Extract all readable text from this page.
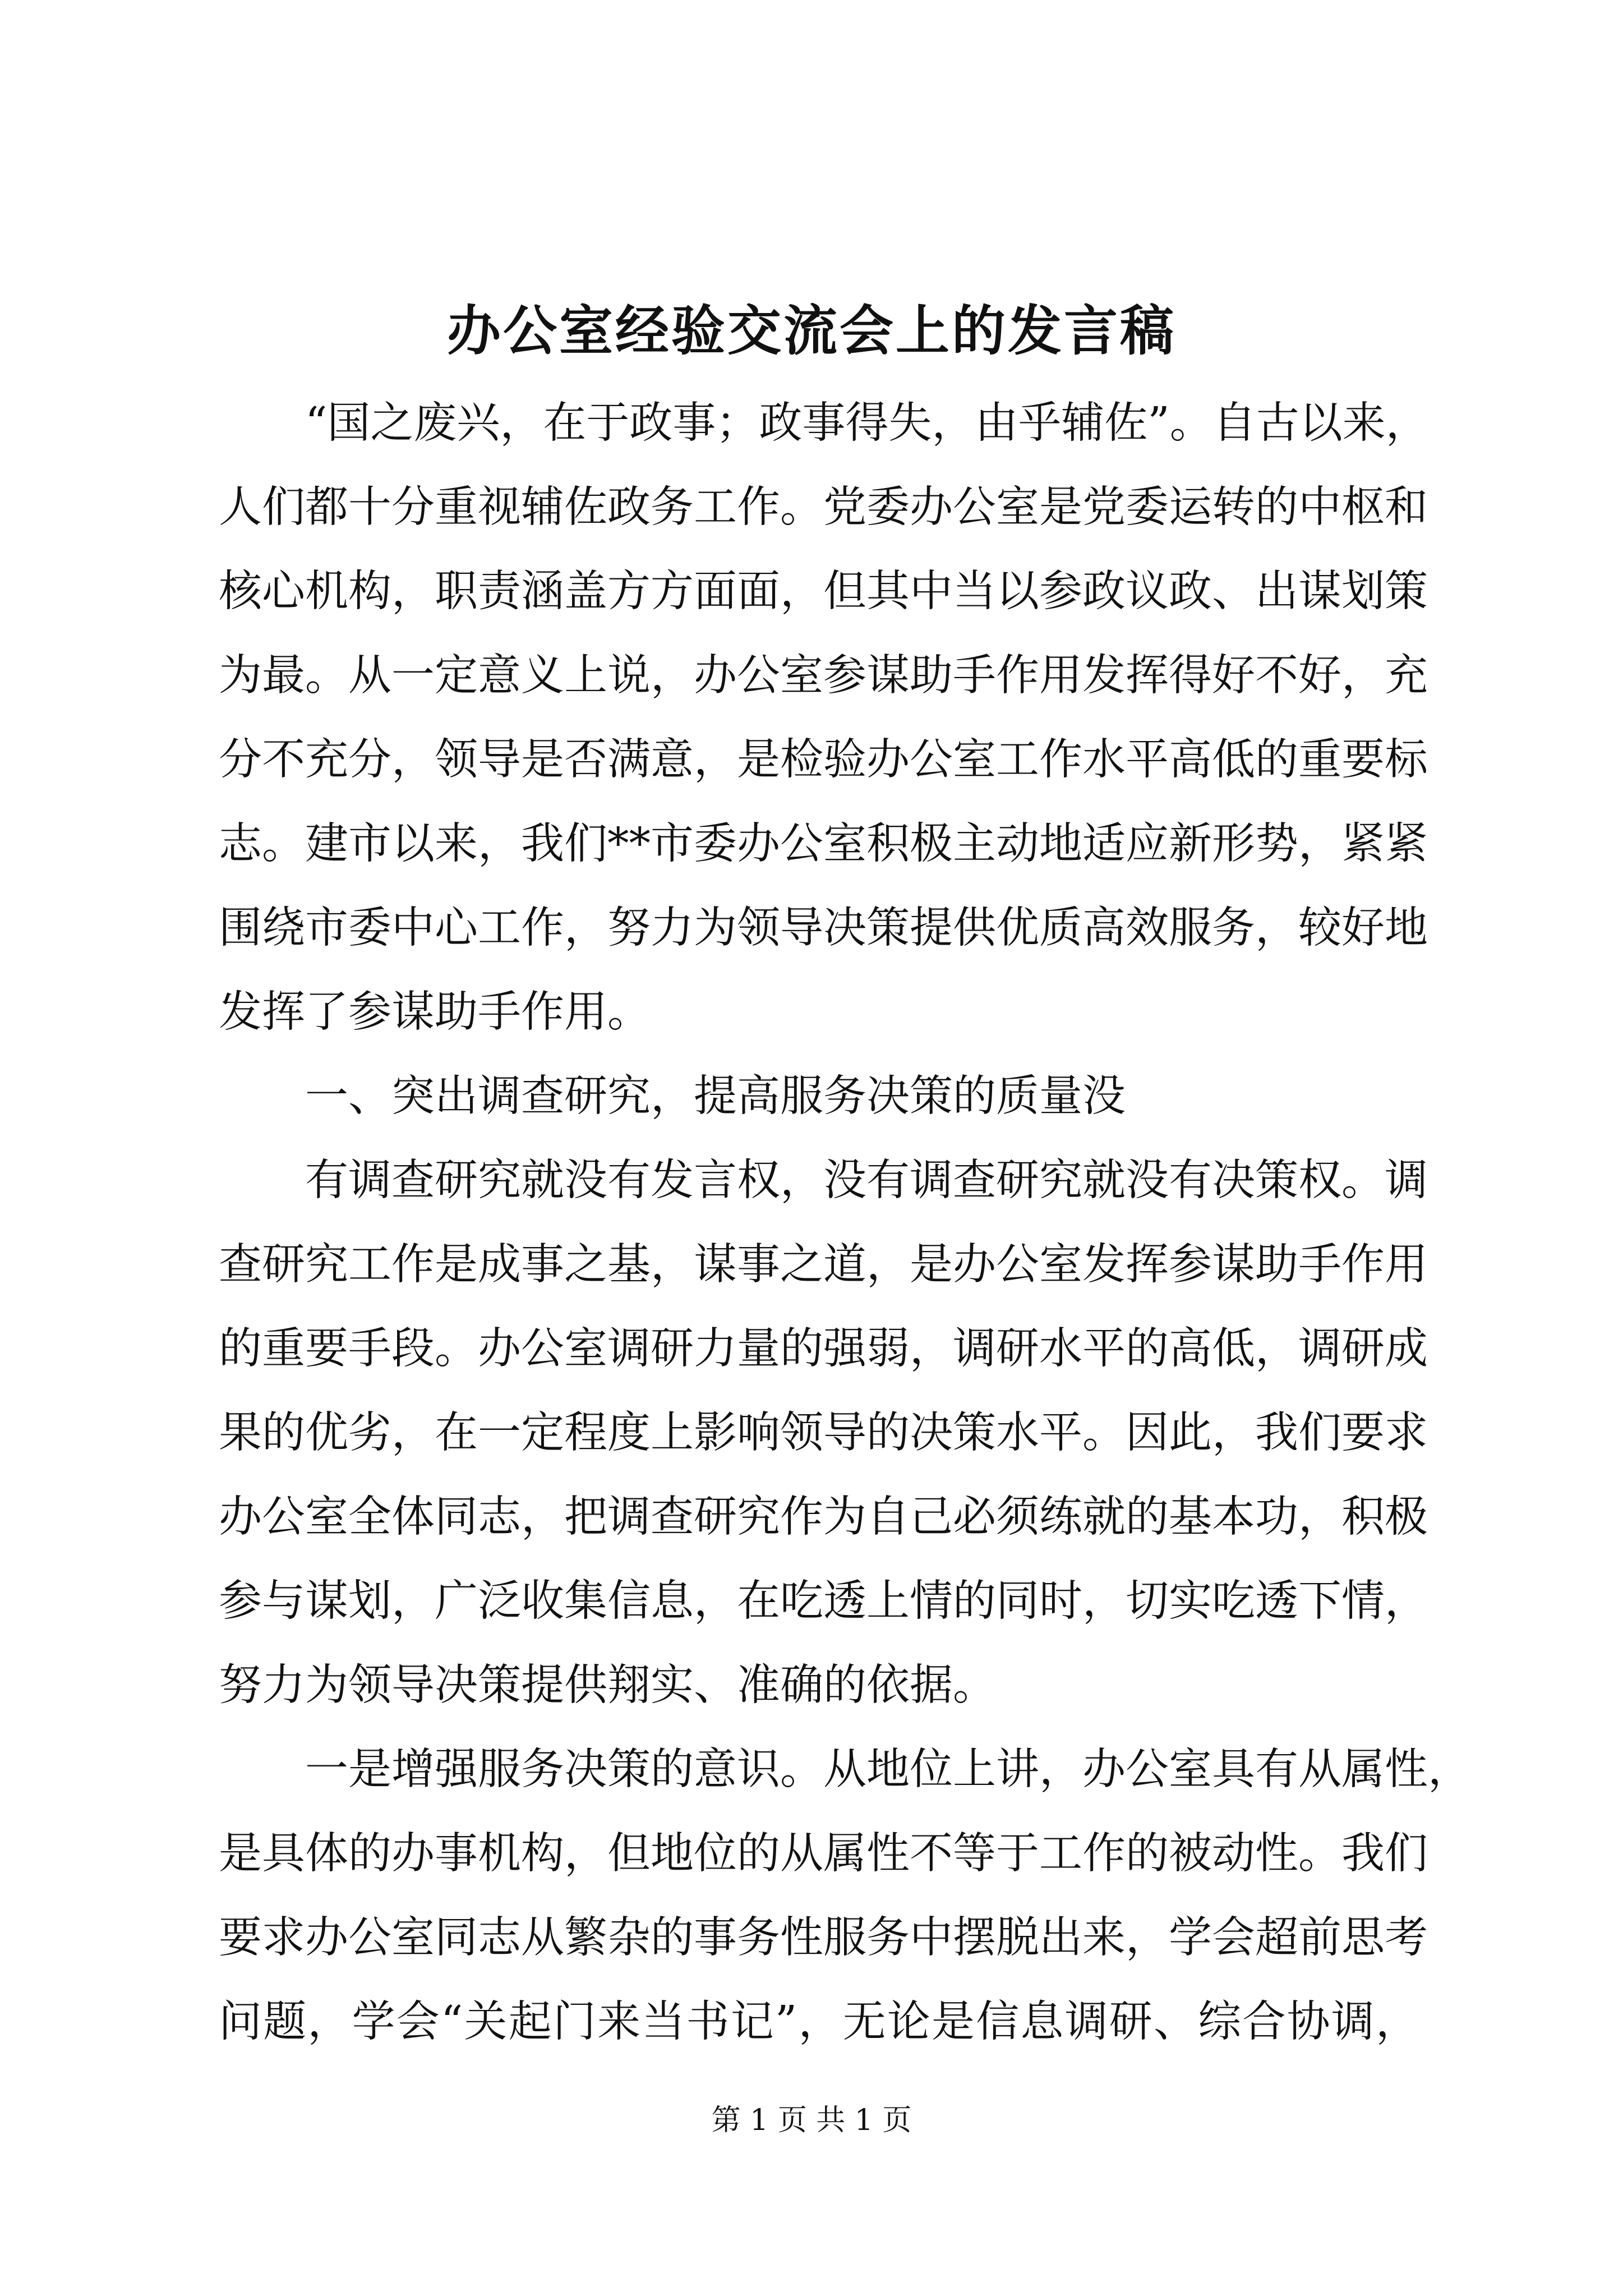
办公室经验交流会上的发言稿
“国之废兴，在于政事；政事得失，由乎辅佐”。自古以来，
人们都十分重视辅佐政务工作。党委办公室是党委运转的中枢和
核心机构，职责涵盖方方面面，但其中当以参政议政、出谋划策
为最。从一定意义上说，办公室参谋助手作用发挥得好不好，充
分不充分，领导是否满意，是检验办公室工作水平高低的重要标
志。建市以来，我们**市委办公室积极主动地适应新形势，紧紧
围绕市委中心工作，努力为领导决策提供优质高效服务，较好地
发挥了参谋助手作用。
一、突出调查研究，提高服务决策的质量没
有调查研究就没有发言权，没有调查研究就没有决策权。调
查研究工作是成事之基，谋事之道，是办公室发挥参谋助手作用
的重要手段。办公室调研力量的强弱，调研水平的高低，调研成
果的优劣，在一定程度上影响领导的决策水平。因此，我们要求
办公室全体同志，把调查研究作为自己必须练就的基本功，积极
参与谋划，广泛收集信息，在吃透上情的同时，切实吃透下情，
努力为领导决策提供翔实、准确的依据。
一是增强服务决策的意识。从地位上讲，办公室具有从属性，
是具体的办事机构，但地位的从属性不等于工作的被动性。我们
要求办公室同志从繁杂的事务性服务中摆脱出来，学会超前思考
问题，学会“关起门来当书记”，无论是信息调研、综合协调，
第 1 页 共 1 页
